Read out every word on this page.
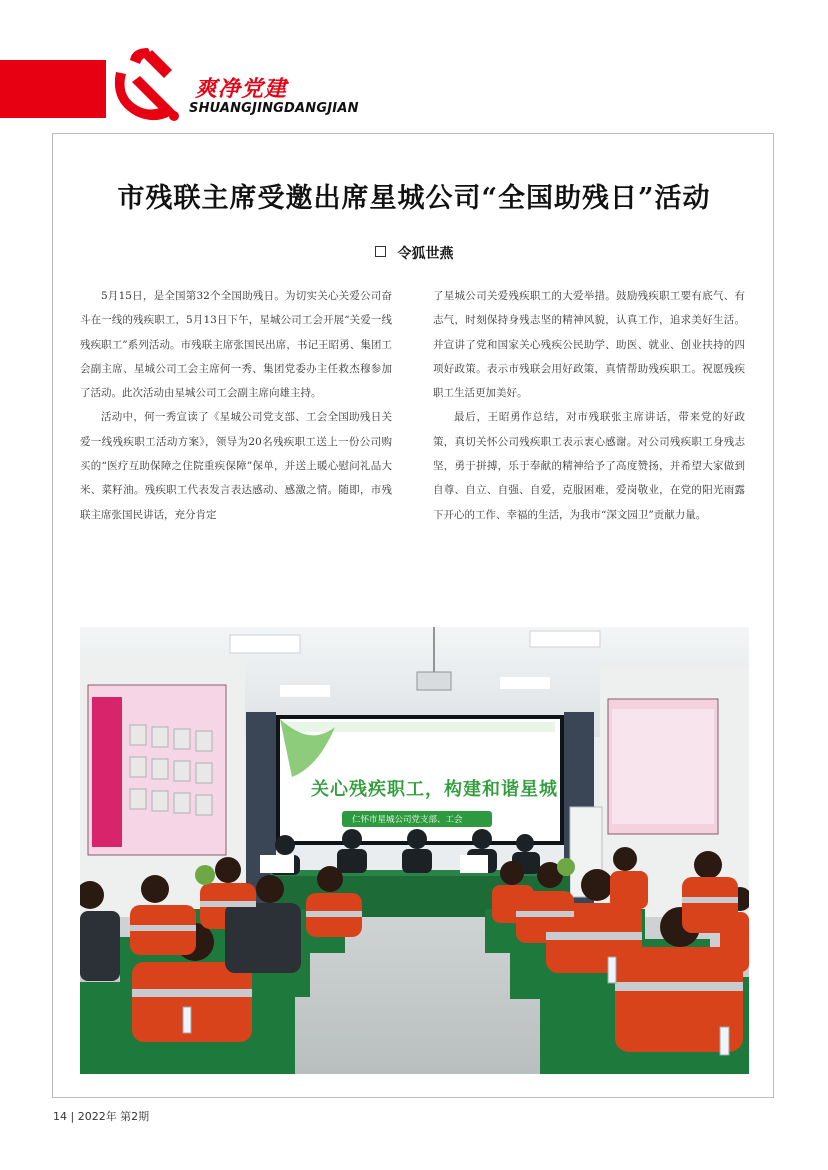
爽净党建
SHUANGJINGDANGJIAN
市残联主席受邀出席星城公司“全国助残日”活动
令狐世燕

5月15日，是全国第32个全国助残日。为切实关心关爱公司奋斗在一线的残疾职工，5月13日下午，星城公司工会开展“关爱一线残疾职工”系列活动。市残联主席张国民出席，书记王昭勇、集团工会副主席、星城公司工会主席何一秀、集团党委办主任救杰穆参加了活动。此次活动由星城公司工会副主席向雄主持。

活动中，何一秀宣读了《星城公司党支部、工会全国助残日关爱一线残疾职工活动方案》，领导为20名残疾职工送上一份公司购买的“医疗互助保障之住院重疾保障”保单，并送上暖心慰问礼品大米、菜籽油。残疾职工代表发言表达感动、感激之情。随即，市残联主席张国民讲话，充分肯定

了星城公司关爱残疾职工的大爱举措。鼓励残疾职工要有底气、有志气，时刻保持身残志坚的精神风貌，认真工作，追求美好生活。并宣讲了党和国家关心残疾公民助学、助医、就业、创业扶持的四项好政策。表示市残联会用好政策，真情帮助残疾职工。祝愿残疾职工生活更加美好。

最后，王昭勇作总结，对市残联张主席讲话，带来党的好政策，真切关怀公司残疾职工表示衷心感谢。对公司残疾职工身残志坚，勇于拼搏，乐于奉献的精神给予了高度赞扬，并希望大家做到自尊、自立、自强、自爱，克服困难，爱岗敬业，在党的阳光雨露下开心的工作、幸福的生活，为我市“深文园卫”贡献力量。

关心残疾职工，构建和谐星城
仁怀市星城公司党支部、工会
14 | 2022年 第2期
